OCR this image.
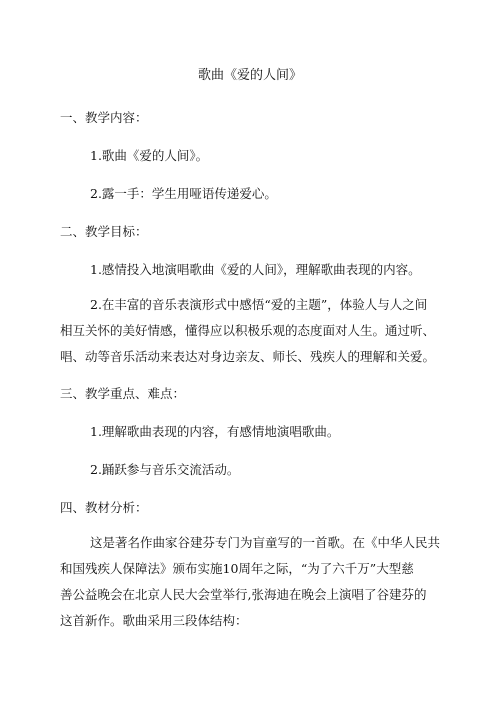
歌曲《爱的人间》
一、教学内容：
1.歌曲《爱的人间》。
2.露一手：学生用哑语传递爱心。
二、教学目标：
1.感情投入地演唱歌曲《爱的人间》，理解歌曲表现的内容。
2.在丰富的音乐表演形式中感悟“爱的主题”，体验人与人之间
相互关怀的美好情感，懂得应以积极乐观的态度面对人生。通过听、
唱、动等音乐活动来表达对身边亲友、师长、残疾人的理解和关爱。
三、教学重点、难点：
1.理解歌曲表现的内容，有感情地演唱歌曲。
2.踊跃参与音乐交流活动。
四、教材分析：
这是著名作曲家谷建芬专门为盲童写的一首歌。在《中华人民共
和国残疾人保障法》颁布实施10周年之际，“为了六千万”大型慈
善公益晚会在北京人民大会堂举行,张海迪在晚会上演唱了谷建芬的
这首新作。歌曲采用三段体结构：
